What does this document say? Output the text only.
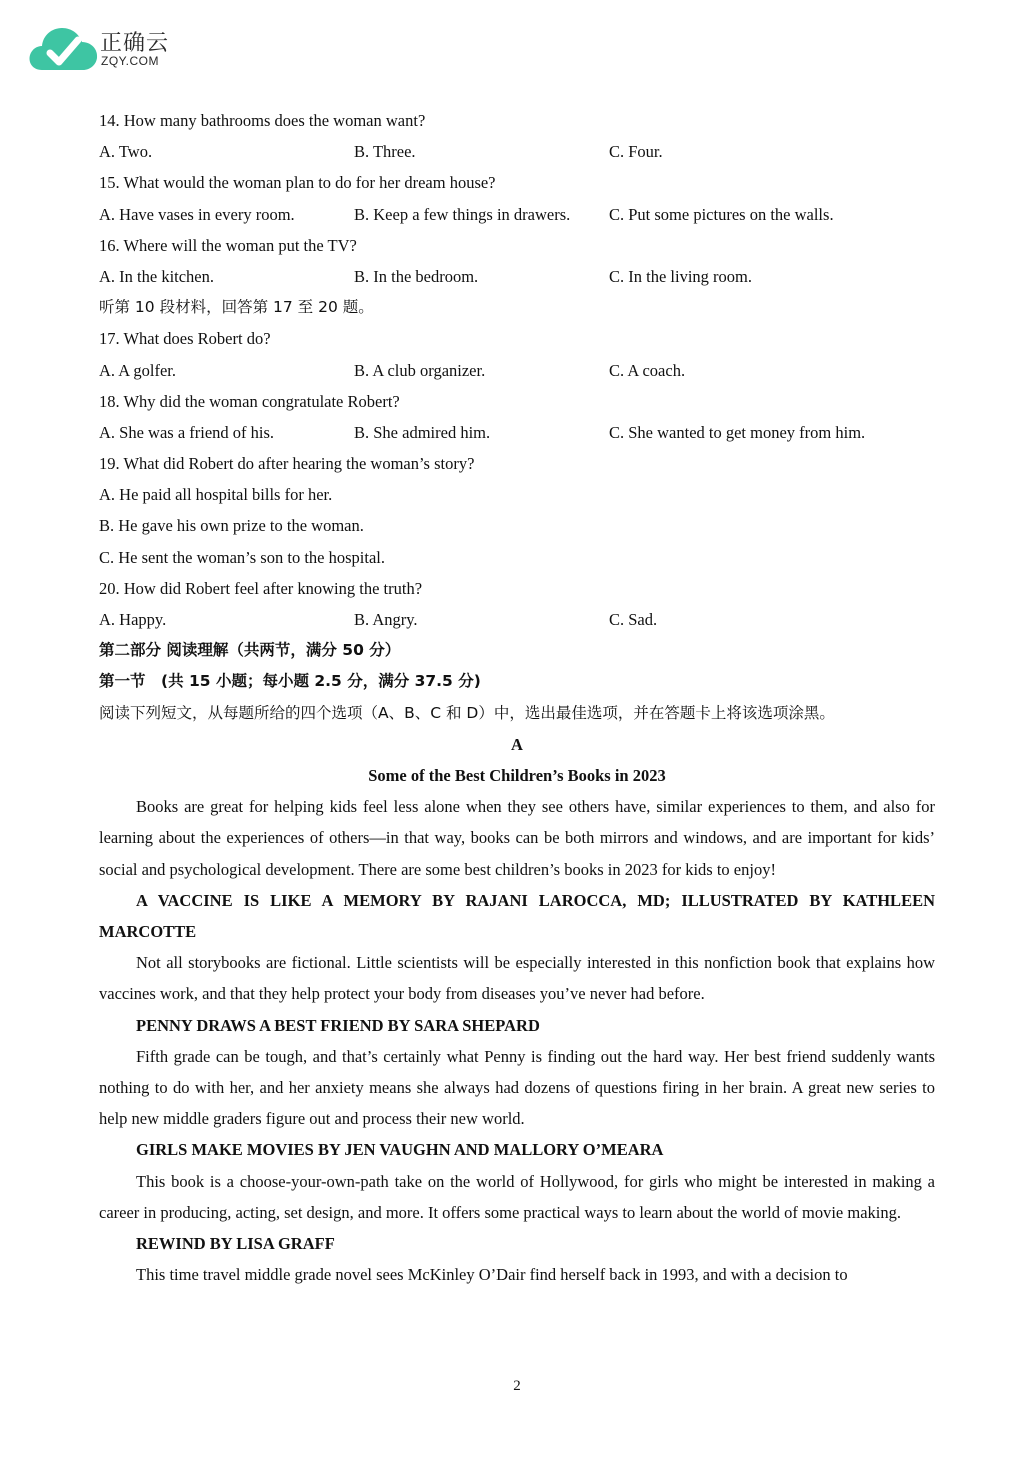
正确云
ZQY.COM
14. How many bathrooms does the woman want?
A. Two.	B. Three.	C. Four.
15. What would the woman plan to do for her dream house?
A. Have vases in every room.	B. Keep a few things in drawers.	C. Put some pictures on the walls.
16. Where will the woman put the TV?
A. In the kitchen.	B. In the bedroom.	C. In the living room.
听第 10 段材料，回答第 17 至 20 题。
17. What does Robert do?
A. A golfer.	B. A club organizer.	C. A coach.
18. Why did the woman congratulate Robert?
A. She was a friend of his.	B. She admired him.	C. She wanted to get money from him.
19. What did Robert do after hearing the woman’s story?
A. He paid all hospital bills for her.
B. He gave his own prize to the woman.
C. He sent the woman’s son to the hospital.
20. How did Robert feel after knowing the truth?
A. Happy.	B. Angry.	C. Sad.
第二部分 阅读理解（共两节，满分 50 分）
第一节　(共 15 小题；每小题 2.5 分，满分 37.5 分)
阅读下列短文，从每题所给的四个选项（A、B、C 和 D）中，选出最佳选项，并在答题卡上将该选项涂黑。
A
Some of the Best Children’s Books in 2023

Books are great for helping kids feel less alone when they see others have, similar experiences to them, and also for learning about the experiences of others—in that way, books can be both mirrors and windows, and are important for kids’ social and psychological development. There are some best children’s books in 2023 for kids to enjoy!

A VACCINE IS LIKE A MEMORY BY RAJANI LAROCCA, MD; ILLUSTRATED BY KATHLEEN MARCOTTE

Not all storybooks are fictional. Little scientists will be especially interested in this nonfiction book that explains how vaccines work, and that they help protect your body from diseases you’ve never had before.

PENNY DRAWS A BEST FRIEND BY SARA SHEPARD

Fifth grade can be tough, and that’s certainly what Penny is finding out the hard way. Her best friend suddenly wants nothing to do with her, and her anxiety means she always had dozens of questions firing in her brain. A great new series to help new middle graders figure out and process their new world.

GIRLS MAKE MOVIES BY JEN VAUGHN AND MALLORY O’MEARA

This book is a choose-your-own-path take on the world of Hollywood, for girls who might be interested in making a career in producing, acting, set design, and more. It offers some practical ways to learn about the world of movie making.

REWIND BY LISA GRAFF

This time travel middle grade novel sees McKinley O’Dair find herself back in 1993, and with a decision to

2
